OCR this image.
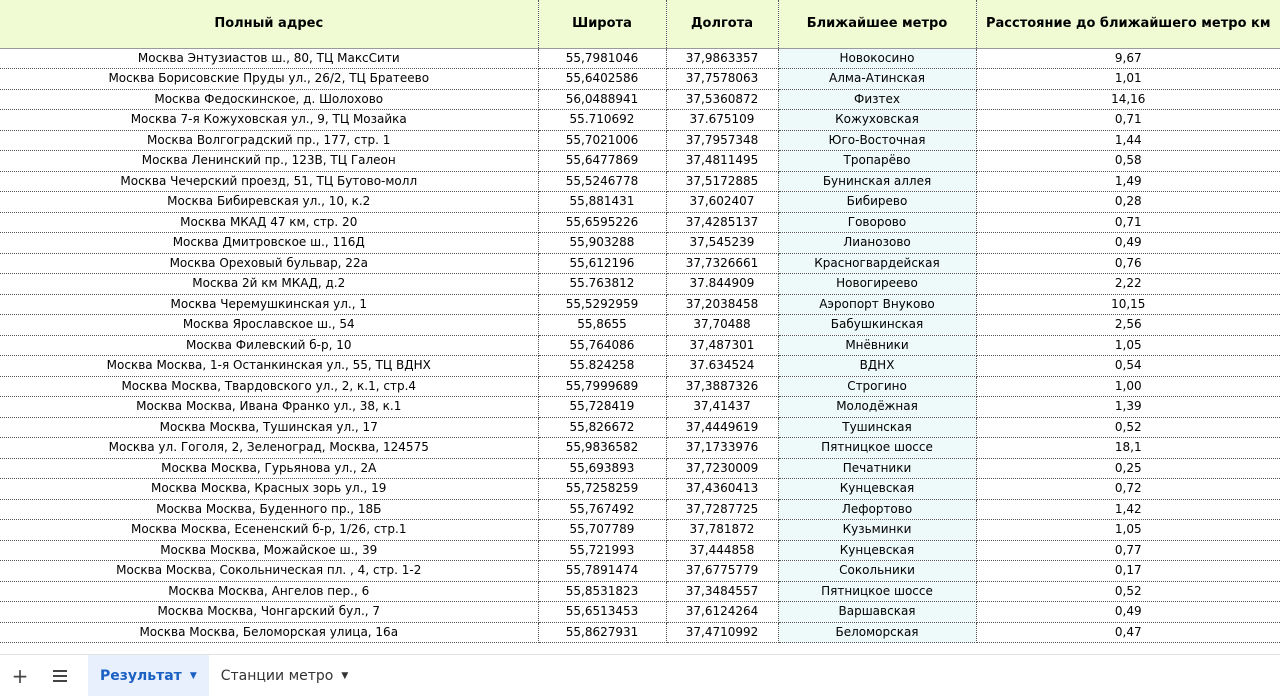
Полный адрес	Широта	Долгота	Ближайшее метро	Расстояние до ближайшего метро км
Москва Энтузиастов ш., 80, ТЦ МаксСити	55,7981046	37,9863357	Новокосино	9,67
Москва Борисовские Пруды ул., 26/2, ТЦ Братеево	55,6402586	37,7578063	Алма-Атинская	1,01
Москва Федоскинское, д. Шолохово	56,0488941	37,5360872	Физтех	14,16
Москва 7-я Кожуховская ул., 9, ТЦ Мозайка	55.710692	37.675109	Кожуховская	0,71
Москва Волгоградский пр., 177, стр. 1	55,7021006	37,7957348	Юго-Восточная	1,44
Москва Ленинский пр., 123В, ТЦ Галеон	55,6477869	37,4811495	Тропарёво	0,58
Москва Чечерский проезд, 51, ТЦ Бутово-молл	55,5246778	37,5172885	Бунинская аллея	1,49
Москва Бибиревская ул., 10, к.2	55,881431	37,602407	Бибирево	0,28
Москва МКАД 47 км, стр. 20	55,6595226	37,4285137	Говорово	0,71
Москва Дмитровское ш., 116Д	55,903288	37,545239	Лианозово	0,49
Москва Ореховый бульвар, 22а	55,612196	37,7326661	Красногвардейская	0,76
Москва 2й км МКАД, д.2	55.763812	37.844909	Новогиреево	2,22
Москва Черемушкинская ул., 1	55,5292959	37,2038458	Аэропорт Внуково	10,15
Москва Ярославское ш., 54	55,8655	37,70488	Бабушкинская	2,56
Москва Филевский б-р, 10	55,764086	37,487301	Мнёвники	1,05
Москва Москва, 1-я Останкинская ул., 55, ТЦ ВДНХ	55.824258	37.634524	ВДНХ	0,54
Москва Москва, Твардовского ул., 2, к.1, стр.4	55,7999689	37,3887326	Строгино	1,00
Москва Москва, Ивана Франко ул., 38, к.1	55,728419	37,41437	Молодёжная	1,39
Москва Москва, Тушинская ул., 17	55,826672	37,4449619	Тушинская	0,52
Москва ул. Гоголя, 2, Зеленоград, Москва, 124575	55,9836582	37,1733976	Пятницкое шоссе	18,1
Москва Москва, Гурьянова ул., 2А	55,693893	37,7230009	Печатники	0,25
Москва Москва, Красных зорь ул., 19	55,7258259	37,4360413	Кунцевская	0,72
Москва Москва, Буденного пр., 18Б	55,767492	37,7287725	Лефортово	1,42
Москва Москва, Есененский б-р, 1/26, стр.1	55,707789	37,781872	Кузьминки	1,05
Москва Москва, Можайское ш., 39	55,721993	37,444858	Кунцевская	0,77
Москва Москва, Сокольническая пл. , 4, стр. 1-2	55,7891474	37,6775779	Сокольники	0,17
Москва Москва, Ангелов пер., 6	55,8531823	37,3484557	Пятницкое шоссе	0,52
Москва Москва, Чонгарский бул., 7	55,6513453	37,6124264	Варшавская	0,49
Москва Москва, Беломорская улица, 16а	55,8627931	37,4710992	Беломорская	0,47
+	Результат ▼ Станции метро ▼
